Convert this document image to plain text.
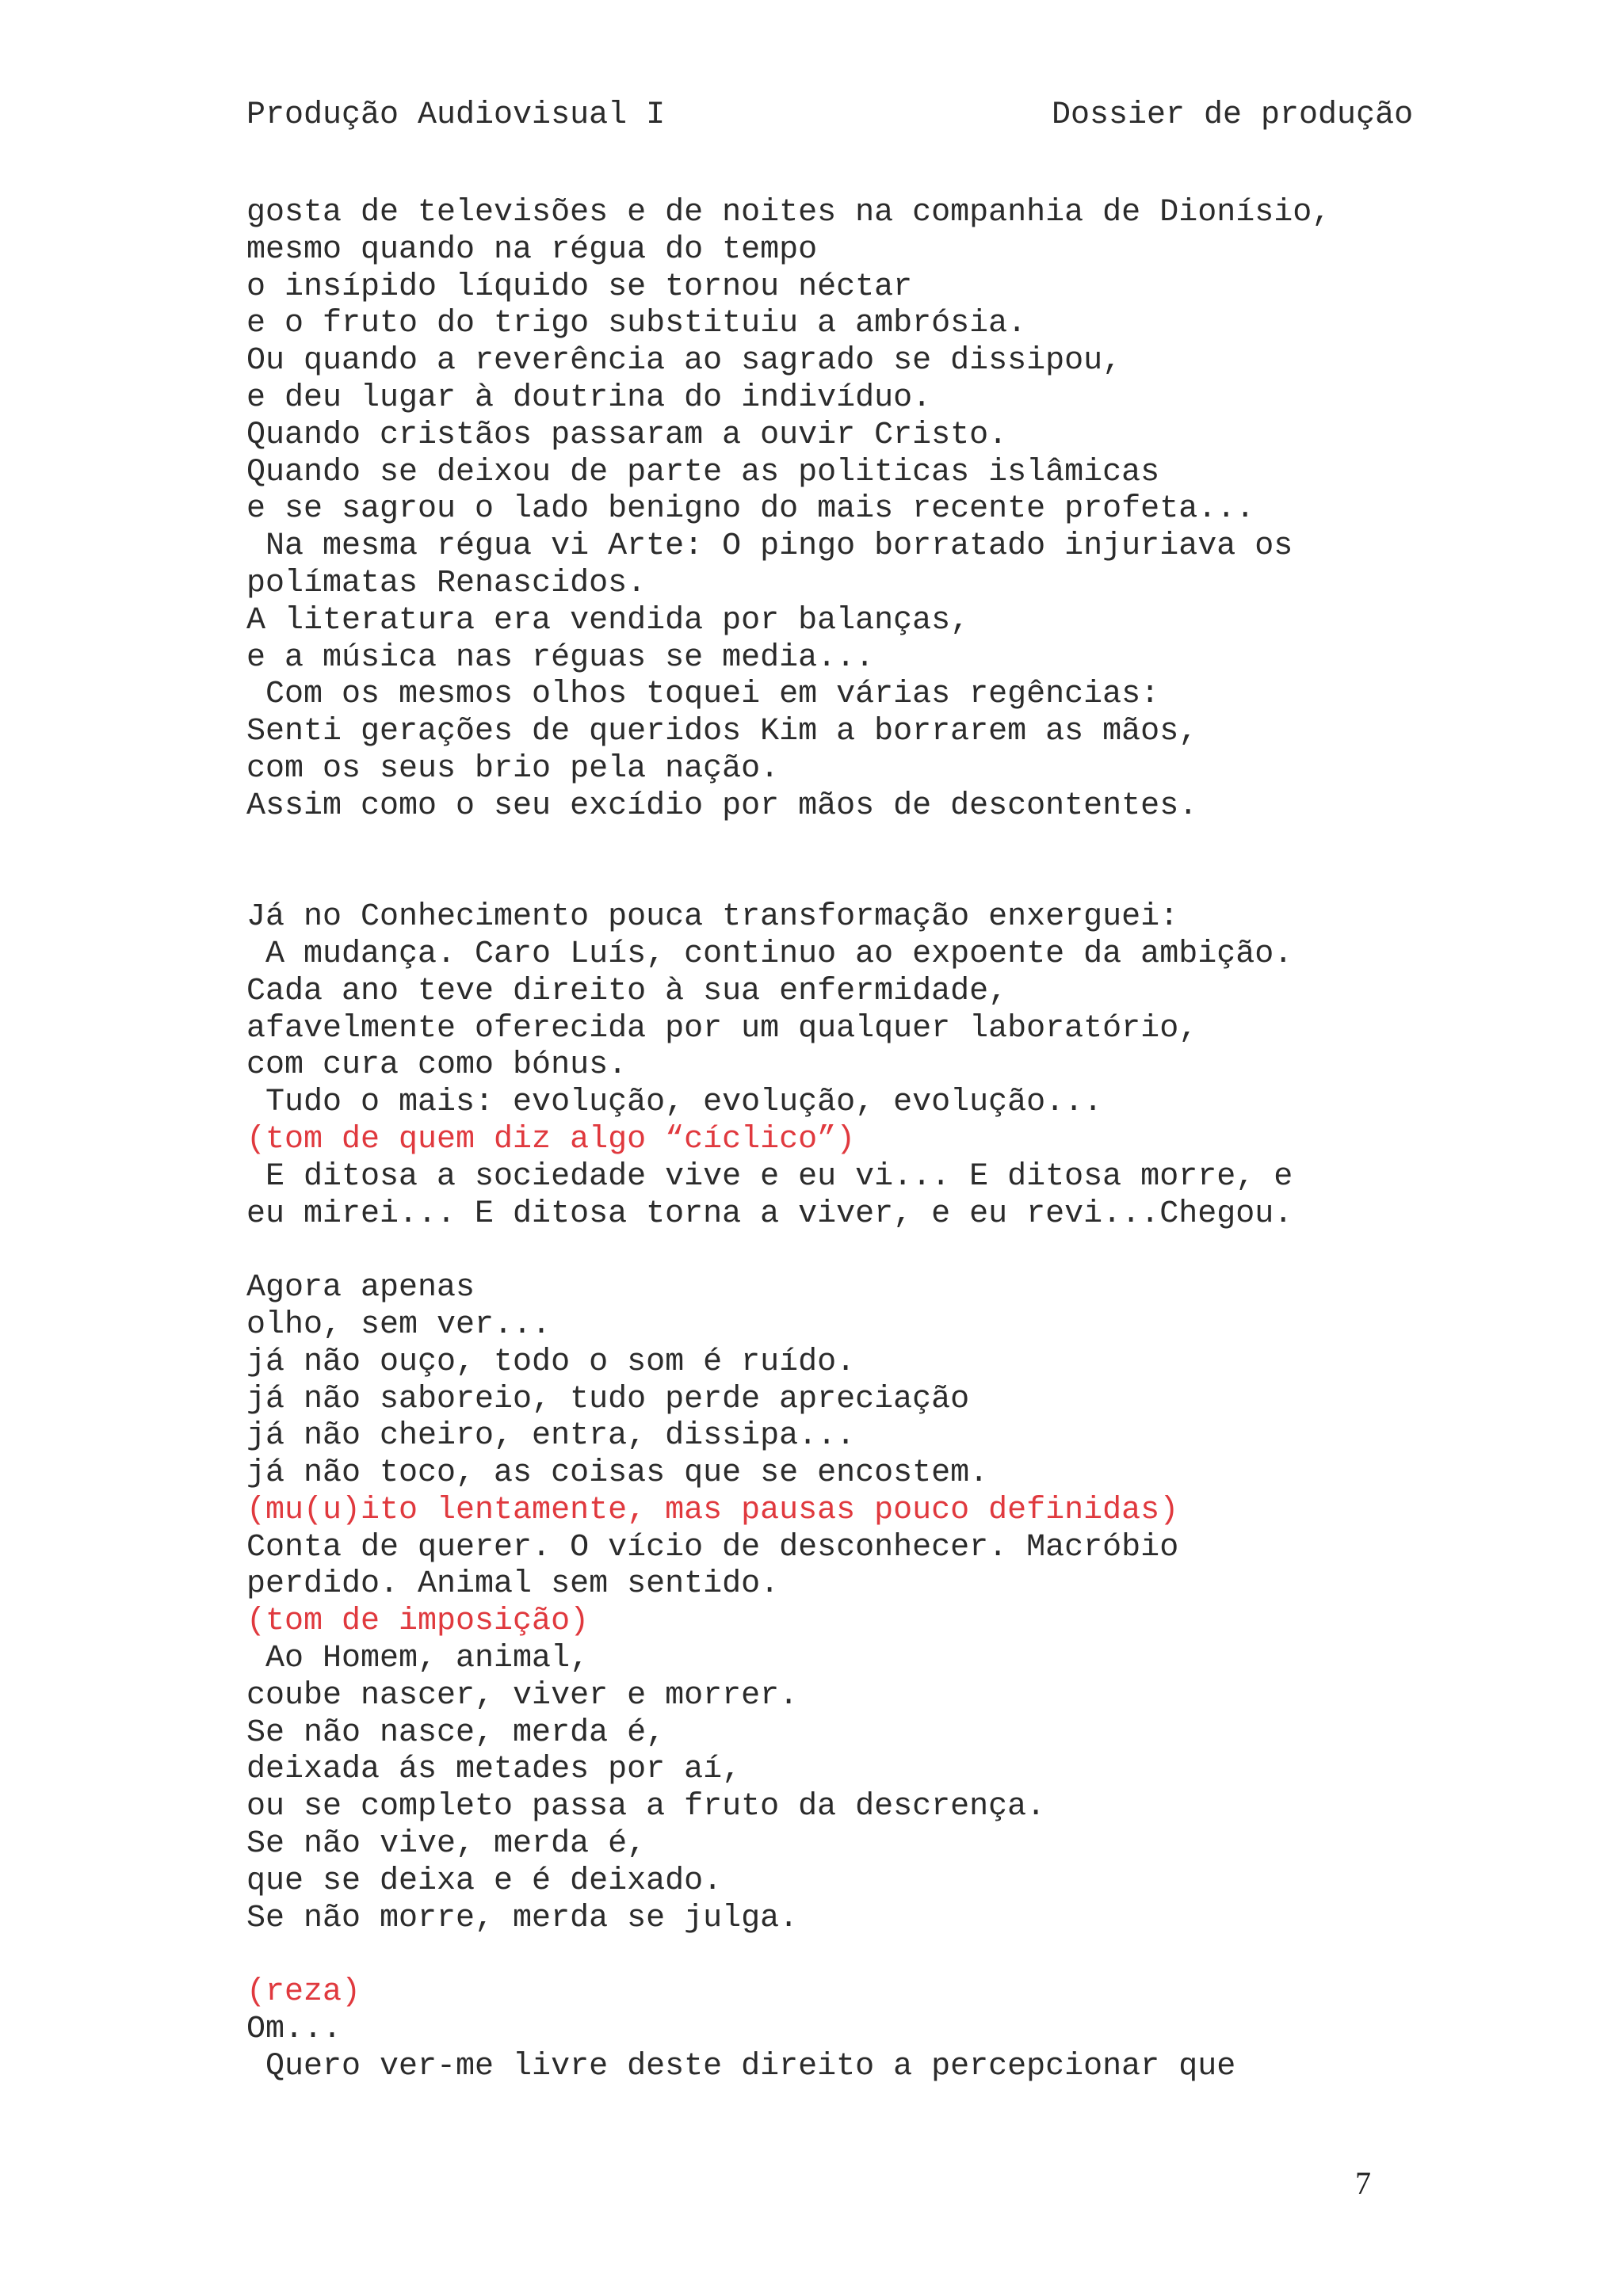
Produção Audiovisual I	Dossier de produção
gosta de televisões e de noites na companhia de Dionísio,
mesmo quando na régua do tempo
o insípido líquido se tornou néctar
e o fruto do trigo substituiu a ambrósia.
Ou quando a reverência ao sagrado se dissipou,
e deu lugar à doutrina do indivíduo.
Quando cristãos passaram a ouvir Cristo.
Quando se deixou de parte as politicas islâmicas
e se sagrou o lado benigno do mais recente profeta...
Na mesma régua vi Arte: O pingo borratado injuriava os
polímatas Renascidos.
A literatura era vendida por balanças,
e a música nas réguas se media...
Com os mesmos olhos toquei em várias regências:
Senti gerações de queridos Kim a borrarem as mãos,
com os seus brio pela nação.
Assim como o seu excídio por mãos de descontentes.
Já no Conhecimento pouca transformação enxerguei:
A mudança. Caro Luís, continuo ao expoente da ambição.
Cada ano teve direito à sua enfermidade,
afavelmente oferecida por um qualquer laboratório,
com cura como bónus.
Tudo o mais: evolução, evolução, evolução...
(tom de quem diz algo “cíclico”)
E ditosa a sociedade vive e eu vi... E ditosa morre, e
eu mirei... E ditosa torna a viver, e eu revi...Chegou.
Agora apenas
olho, sem ver...
já não ouço, todo o som é ruído.
já não saboreio, tudo perde apreciação
já não cheiro, entra, dissipa...
já não toco, as coisas que se encostem.
(mu(u)ito lentamente, mas pausas pouco definidas)
Conta de querer. O vício de desconhecer. Macróbio
perdido. Animal sem sentido.
(tom de imposição)
Ao Homem, animal,
coube nascer, viver e morrer.
Se não nasce, merda é,
deixada ás metades por aí,
ou se completo passa a fruto da descrença.
Se não vive, merda é,
que se deixa e é deixado.
Se não morre, merda se julga.
(reza)
Om...
Quero ver-me livre deste direito a percepcionar que
7
